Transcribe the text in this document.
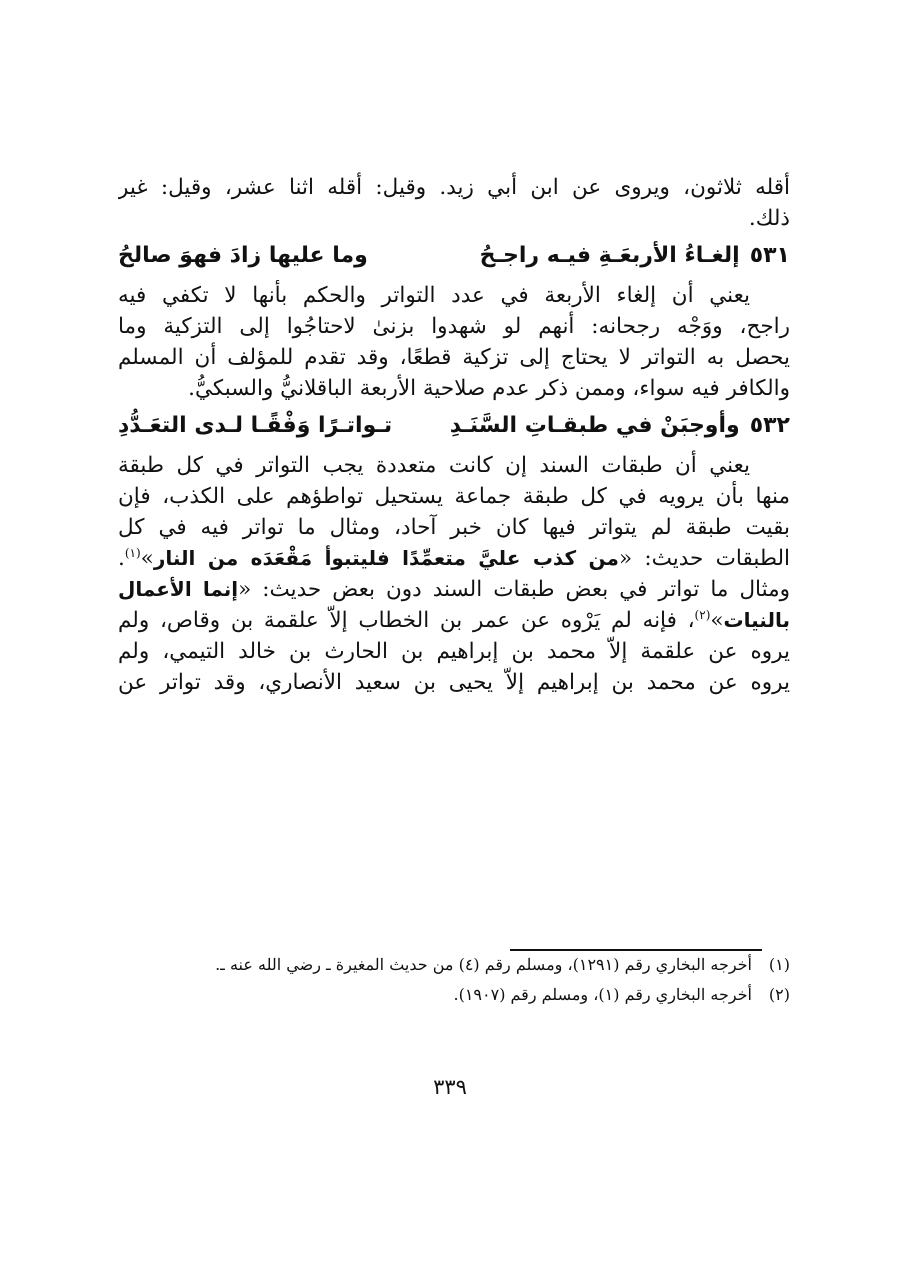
أقله ثلاثون، ويروى عن ابن أبي زيد. وقيل: أقله اثنا عشر، وقيل: غير
ذلك.
٥٣١
إلغـاءُ الأربعَـةِ فيـه راجـحُ
وما عليها زادَ فهوَ صالحُ
يعني أن إلغاء الأربعة في عدد التواتر والحكم بأنها لا تكفي فيه
راجح، ووَجْه رجحانه: أنهم لو شهدوا بزنىٰ لاحتاجُوا إلى التزكية وما
يحصل به التواتر لا يحتاج إلى تزكية قطعًا، وقد تقدم للمؤلف أن المسلم
والكافر فيه سواء، وممن ذكر عدم صلاحية الأربعة الباقلانيُّ والسبكيُّ.
٥٣٢
وأوجبَنْ في طبقـاتِ السَّنَـدِ
تـواتـرًا وَفْقًـا لـدى التعَـدُّدِ
يعني أن طبقات السند إن كانت متعددة يجب التواتر في كل طبقة
منها بأن يرويه في كل طبقة جماعة يستحيل تواطؤهم على الكذب، فإن
بقيت طبقة لم يتواتر فيها كان خبر آحاد، ومثال ما تواتر فيه في كل
الطبقات حديث: «من كذب عليَّ متعمِّدًا فليتبوأ مَقْعَدَه من النار»$^{(١)}$.
ومثال ما تواتر في بعض طبقات السند دون بعض حديث: «إنما الأعمال
بالنيات»$^{(٢)}$، فإنه لم يَرْوه عن عمر بن الخطاب إلاَّ علقمة بن وقاص، ولم
يروه عن علقمة إلاَّ محمد بن إبراهيم بن الحارث بن خالد التيمي، ولم
يروه عن محمد بن إبراهيم إلاَّ يحيى بن سعيد الأنصاري، وقد تواتر عن
(١)أخرجه البخاري رقم (١٢٩١)، ومسلم رقم (٤) من حديث المغيرة ـ رضي الله عنه ـ.
(٢)أخرجه البخاري رقم (١)، ومسلم رقم (١٩٠٧).
٣٣٩
